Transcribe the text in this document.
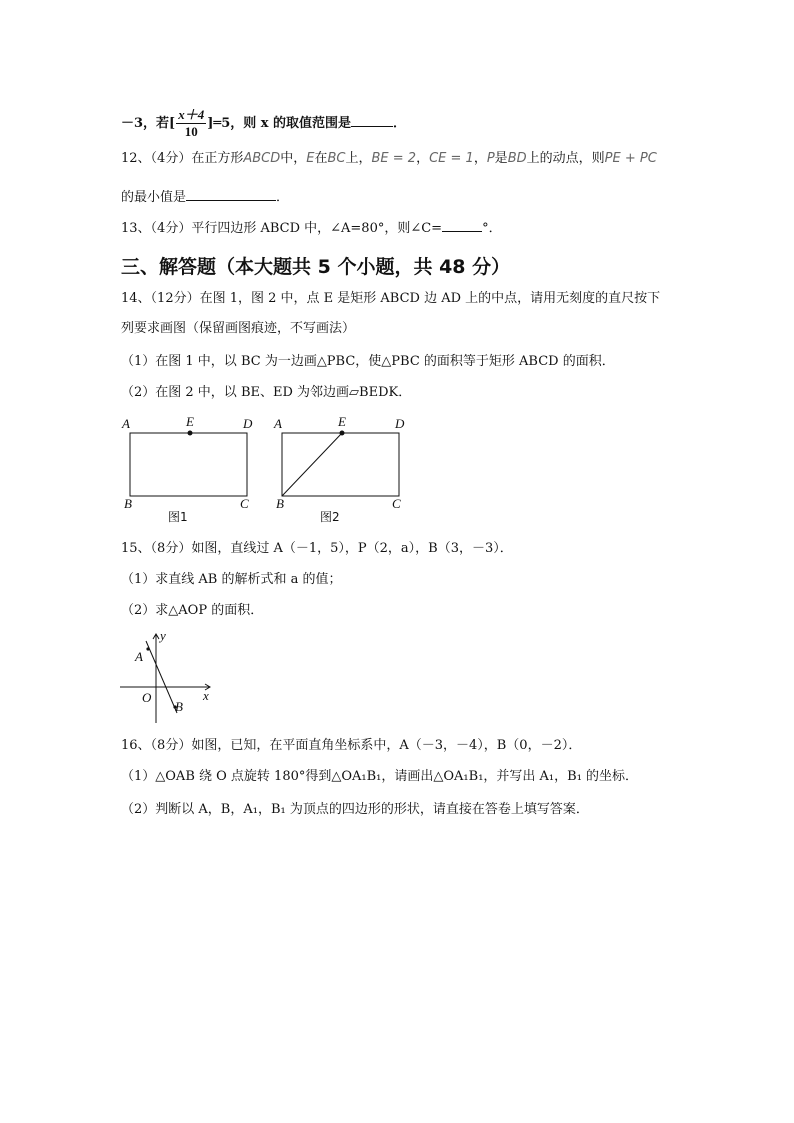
－3，若[ $\frac{x+4}{10}$ ]═5，则 x 的取值范围是	．
12、（4分）在正方形ABCD中，E在BC上，BE = 2，CE = 1，P是BD上的动点，则PE + PC
的最小值是	．
13、（4分）平行四边形 ABCD 中，∠A=80°，则∠C=	°．
三、解答题（本大题共 5 个小题，共 48 分）
14、（12分）在图 1，图 2 中，点 E 是矩形 ABCD 边 AD 上的中点，请用无刻度的直尺按下
列要求画图（保留画图痕迹，不写画法）
（1）在图 1 中，以 BC 为一边画△PBC，使△PBC 的面积等于矩形 ABCD 的面积．
（2）在图 2 中，以 BE、ED 为邻边画▱BEDK．
A	E	D
B	C
图1
A	E	D
B	C
图2
15、（8分）如图，直线过 A（－1，5），P（2，a），B（3，－3）．
（1）求直线 AB 的解析式和 a 的值；
（2）求△AOP 的面积．
y
x
O
A
B
16、（8分）如图，已知，在平面直角坐标系中，A（－3，－4），B（0，－2）．
（1）△OAB 绕 O 点旋转 180°得到△OA₁B₁，请画出△OA₁B₁，并写出 A₁，B₁ 的坐标．
（2）判断以 A，B，A₁，B₁ 为顶点的四边形的形状，请直接在答卷上填写答案．
